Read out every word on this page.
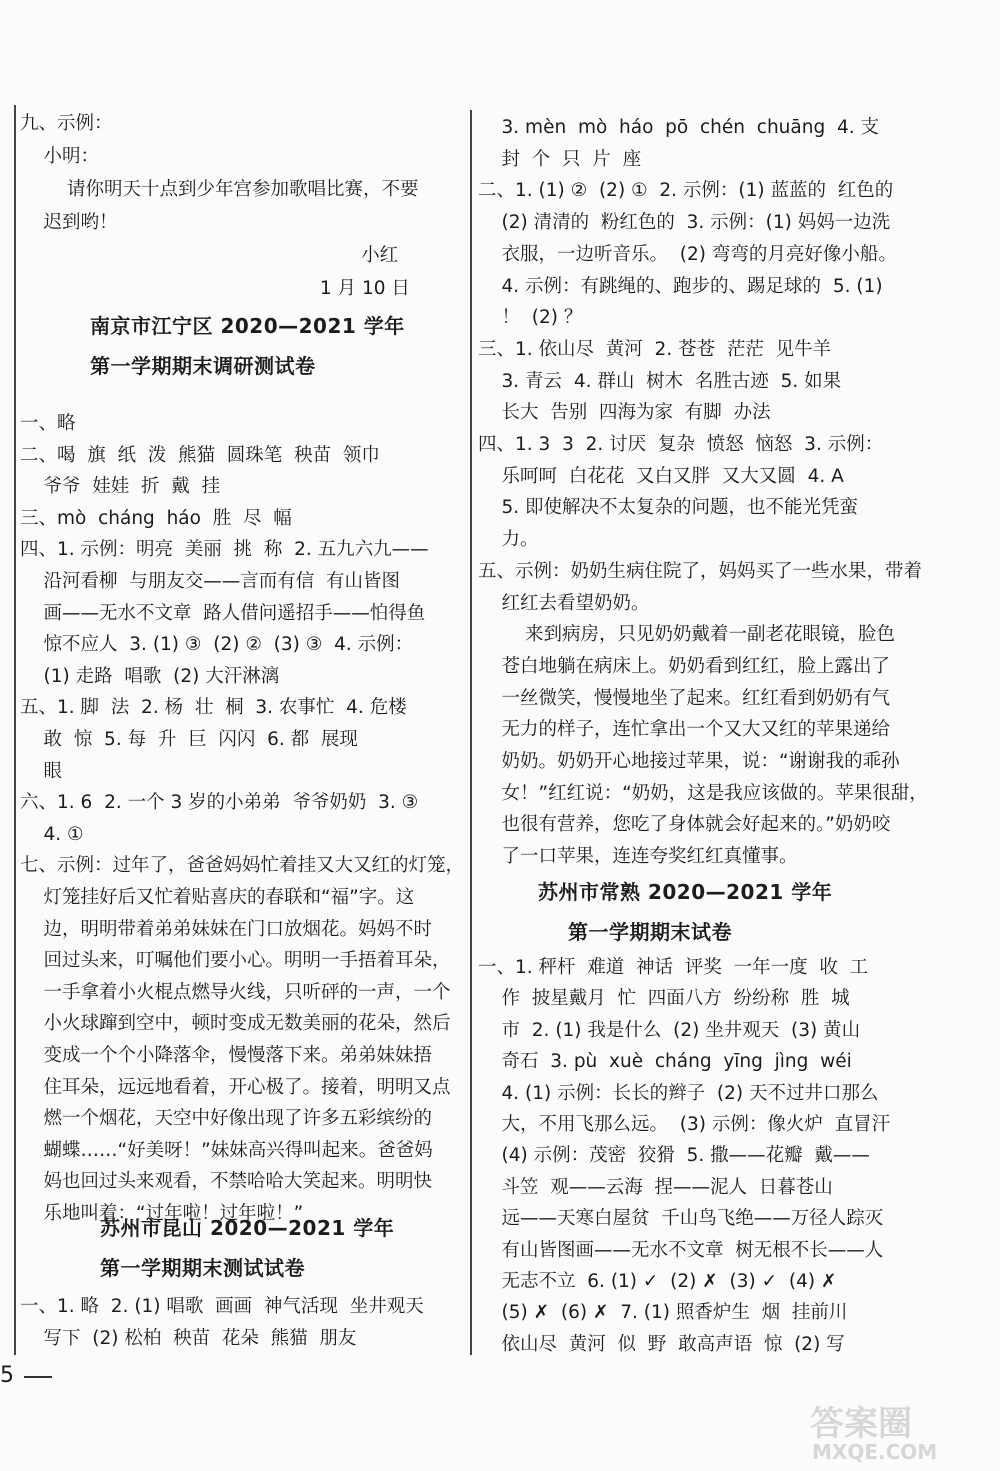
九、示例：
小明：
请你明天十点到少年宫参加歌唱比赛，不要
迟到哟！
小红
1 月 10 日
南京市江宁区 2020—2021 学年
第一学期期末调研测试卷
一、略
二、喝  旗  纸  泼  熊猫  圆珠笔  秧苗  领巾
爷爷  娃娃  折  戴  挂
三、mò  cháng  háo  胜  尽  幅
四、1. 示例：明亮  美丽  挑  称  2. 五九六九——
沿河看柳  与朋友交——言而有信  有山皆图
画——无水不文章  路人借问遥招手——怕得鱼
惊不应人  3. (1) ③  (2) ②  (3) ③  4. 示例：
(1) 走路  唱歌  (2) 大汗淋漓
五、1. 脚  法  2. 杨  壮  桐  3. 农事忙  4. 危楼
敢  惊  5. 每  升  巨  闪闪  6. 都  展现
眼
六、1. 6  2. 一个 3 岁的小弟弟  爷爷奶奶  3. ③
4. ①
七、示例：过年了，爸爸妈妈忙着挂又大又红的灯笼，
灯笼挂好后又忙着贴喜庆的春联和“福”字。这
边，明明带着弟弟妹妹在门口放烟花。妈妈不时
回过头来，叮嘱他们要小心。明明一手捂着耳朵，
一手拿着小火棍点燃导火线，只听砰的一声，一个
小火球蹿到空中，顿时变成无数美丽的花朵，然后
变成一个个小降落伞，慢慢落下来。弟弟妹妹捂
住耳朵，远远地看着，开心极了。接着，明明又点
燃一个烟花，天空中好像出现了许多五彩缤纷的
蝴蝶……“好美呀！”妹妹高兴得叫起来。爸爸妈
妈也回过头来观看，不禁哈哈大笑起来。明明快
乐地叫着：“过年啦！过年啦！”
苏州市昆山 2020—2021 学年
第一学期期末测试试卷
一、1. 略  2. (1) 唱歌  画画  神气活现  坐井观天
写下  (2) 松柏  秧苗  花朵  熊猫  朋友
3. mèn  mò  háo  pō  chén  chuāng  4. 支
封  个  只  片  座
二、1. (1) ②  (2) ①  2. 示例：(1) 蓝蓝的  红色的
(2) 清清的  粉红色的  3. 示例：(1) 妈妈一边洗
衣服，一边听音乐。  (2) 弯弯的月亮好像小船。
4. 示例：有跳绳的、跑步的、踢足球的  5. (1)
！  (2) ？
三、1. 依山尽  黄河  2. 苍苍  茫茫  见牛羊
3. 青云  4. 群山  树木  名胜古迹  5. 如果
长大  告别  四海为家  有脚  办法
四、1. 3  3  2. 讨厌  复杂  愤怒  恼怒  3. 示例：
乐呵呵  白花花  又白又胖  又大又圆  4. A
5. 即使解决不太复杂的问题，也不能光凭蛮
力。
五、示例：奶奶生病住院了，妈妈买了一些水果，带着
红红去看望奶奶。
来到病房，只见奶奶戴着一副老花眼镜，脸色
苍白地躺在病床上。奶奶看到红红，脸上露出了
一丝微笑，慢慢地坐了起来。红红看到奶奶有气
无力的样子，连忙拿出一个又大又红的苹果递给
奶奶。奶奶开心地接过苹果，说：“谢谢我的乖孙
女！”红红说：“奶奶，这是我应该做的。苹果很甜，
也很有营养，您吃了身体就会好起来的。”奶奶咬
了一口苹果，连连夸奖红红真懂事。
苏州市常熟 2020—2021 学年
第一学期期末试卷
一、1. 秤杆  难道  神话  评奖  一年一度  收  工
作  披星戴月  忙  四面八方  纷纷称  胜  城
市  2. (1) 我是什么  (2) 坐井观天  (3) 黄山
奇石  3. pù  xuè  cháng  yīng  jìng  wéi
4. (1) 示例：长长的辫子  (2) 天不过井口那么
大，不用飞那么远。  (3) 示例：像火炉  直冒汗
(4) 示例：茂密  狡猾  5. 撒——花瓣  戴——
斗笠  观——云海  捏——泥人  日暮苍山
远——天寒白屋贫  千山鸟飞绝——万径人踪灭
有山皆图画——无水不文章  树无根不长——人
无志不立  6. (1) ✓  (2) ✗  (3) ✓  (4) ✗
(5) ✗  (6) ✗  7. (1) 照香炉生  烟  挂前川
依山尽  黄河  似  野  敢高声语  惊  (2) 写
5
答案圈
MXQE.COM
